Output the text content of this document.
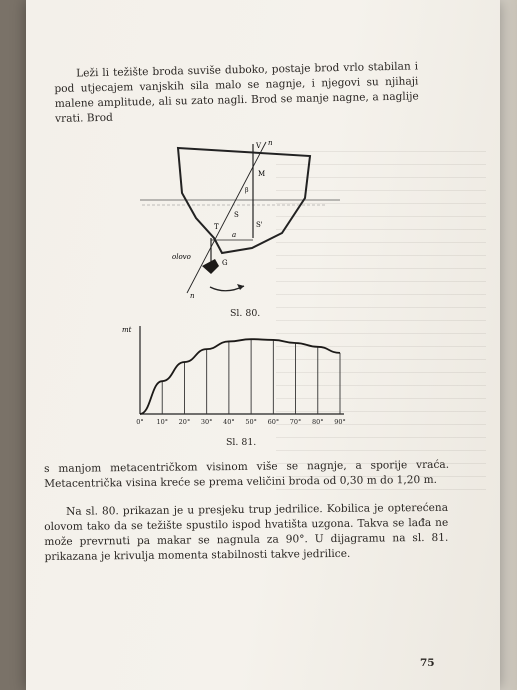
Leži li težište broda suviše duboko, postaje brod vrlo stabilan i pod utjecajem vanjskih sila malo se nagnje, i njegovi su njihaji malene amplitude, ali su zato nagli. Brod se manje nagne, a naglije vrati. Brod

V n
M
β
S
S'
T
a
olovo
G
n
Sl. 80.
mt
0° 10° 20° 30° 40° 50° 60° 70° 80° 90°
Sl. 81.

s manjom metacentričkom visinom više se nagnje, a sporije vraća. Metacentrička visina kreće se prema veličini broda od 0,30 m do 1,20 m.

Na sl. 80. prikazan je u presjeku trup jedrilice. Kobilica je opterećena olovom tako da se težište spustilo ispod hvatišta uzgona. Takva se lađa ne može prevrnuti pa makar se nagnula za 90°. U dijagramu na sl. 81. prikazana je krivulja momenta stabilnosti takve jedrilice.

75
